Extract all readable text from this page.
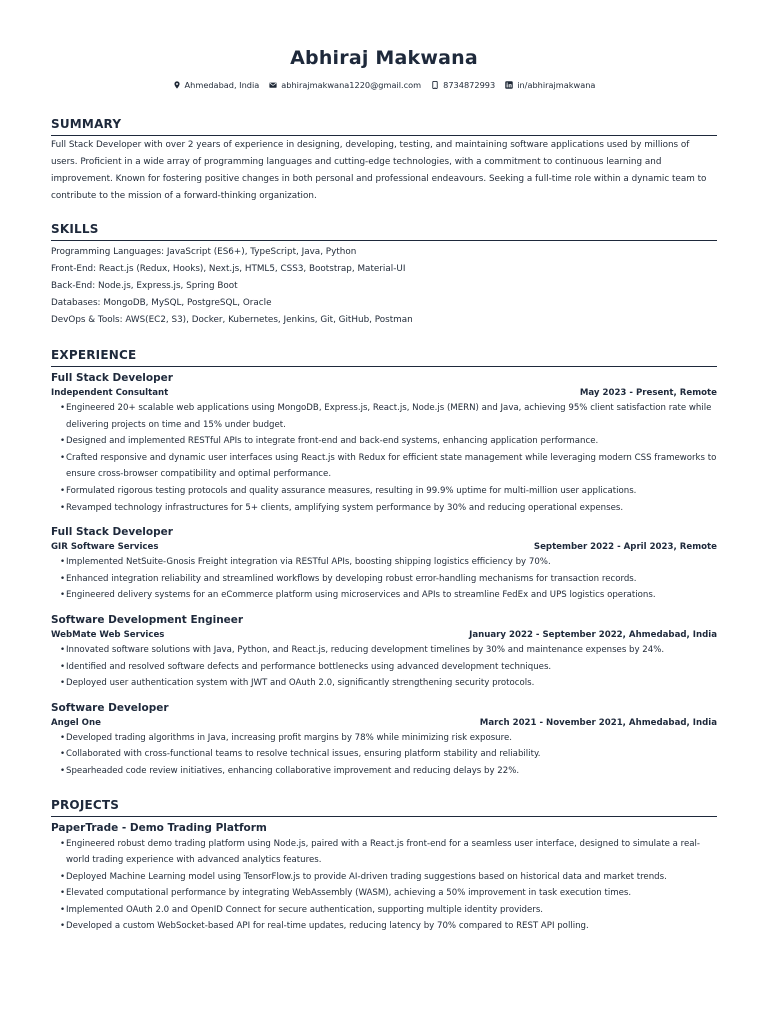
Abhiraj Makwana
Ahmedabad, India	abhirajmakwana1220@gmail.com	8734872993	in/abhirajmakwana
SUMMARY
Full Stack Developer with over 2 years of experience in designing, developing, testing, and maintaining software applications used by millions of users. Proficient in a wide array of programming languages and cutting-edge technologies, with a commitment to continuous learning and improvement. Known for fostering positive changes in both personal and professional endeavours. Seeking a full-time role within a dynamic team to contribute to the mission of a forward-thinking organization.
SKILLS
Programming Languages: JavaScript (ES6+), TypeScript, Java, Python
Front-End: React.js (Redux, Hooks), Next.js, HTML5, CSS3, Bootstrap, Material-UI
Back-End: Node.js, Express.js, Spring Boot
Databases: MongoDB, MySQL, PostgreSQL, Oracle
DevOps & Tools: AWS(EC2, S3), Docker, Kubernetes, Jenkins, Git, GitHub, Postman
EXPERIENCE
Full Stack Developer
Independent Consultant	May 2023 - Present, Remote
• Engineered 20+ scalable web applications using MongoDB, Express.js, React.js, Node.js (MERN) and Java, achieving 95% client satisfaction rate while delivering projects on time and 15% under budget.
• Designed and implemented RESTful APIs to integrate front-end and back-end systems, enhancing application performance.
• Crafted responsive and dynamic user interfaces using React.js with Redux for efficient state management while leveraging modern CSS frameworks to ensure cross-browser compatibility and optimal performance.
• Formulated rigorous testing protocols and quality assurance measures, resulting in 99.9% uptime for multi-million user applications.
• Revamped technology infrastructures for 5+ clients, amplifying system performance by 30% and reducing operational expenses.
Full Stack Developer
GIR Software Services	September 2022 - April 2023, Remote
• Implemented NetSuite-Gnosis Freight integration via RESTful APIs, boosting shipping logistics efficiency by 70%.
• Enhanced integration reliability and streamlined workflows by developing robust error-handling mechanisms for transaction records.
• Engineered delivery systems for an eCommerce platform using microservices and APIs to streamline FedEx and UPS logistics operations.
Software Development Engineer
WebMate Web Services	January 2022 - September 2022, Ahmedabad, India
• Innovated software solutions with Java, Python, and React.js, reducing development timelines by 30% and maintenance expenses by 24%.
• Identified and resolved software defects and performance bottlenecks using advanced development techniques.
• Deployed user authentication system with JWT and OAuth 2.0, significantly strengthening security protocols.
Software Developer
Angel One	March 2021 - November 2021, Ahmedabad, India
• Developed trading algorithms in Java, increasing profit margins by 78% while minimizing risk exposure.
• Collaborated with cross-functional teams to resolve technical issues, ensuring platform stability and reliability.
• Spearheaded code review initiatives, enhancing collaborative improvement and reducing delays by 22%.
PROJECTS
PaperTrade - Demo Trading Platform
• Engineered robust demo trading platform using Node.js, paired with a React.js front-end for a seamless user interface, designed to simulate a real-world trading experience with advanced analytics features.
• Deployed Machine Learning model using TensorFlow.js to provide AI-driven trading suggestions based on historical data and market trends.
• Elevated computational performance by integrating WebAssembly (WASM), achieving a 50% improvement in task execution times.
• Implemented OAuth 2.0 and OpenID Connect for secure authentication, supporting multiple identity providers.
• Developed a custom WebSocket-based API for real-time updates, reducing latency by 70% compared to REST API polling.
